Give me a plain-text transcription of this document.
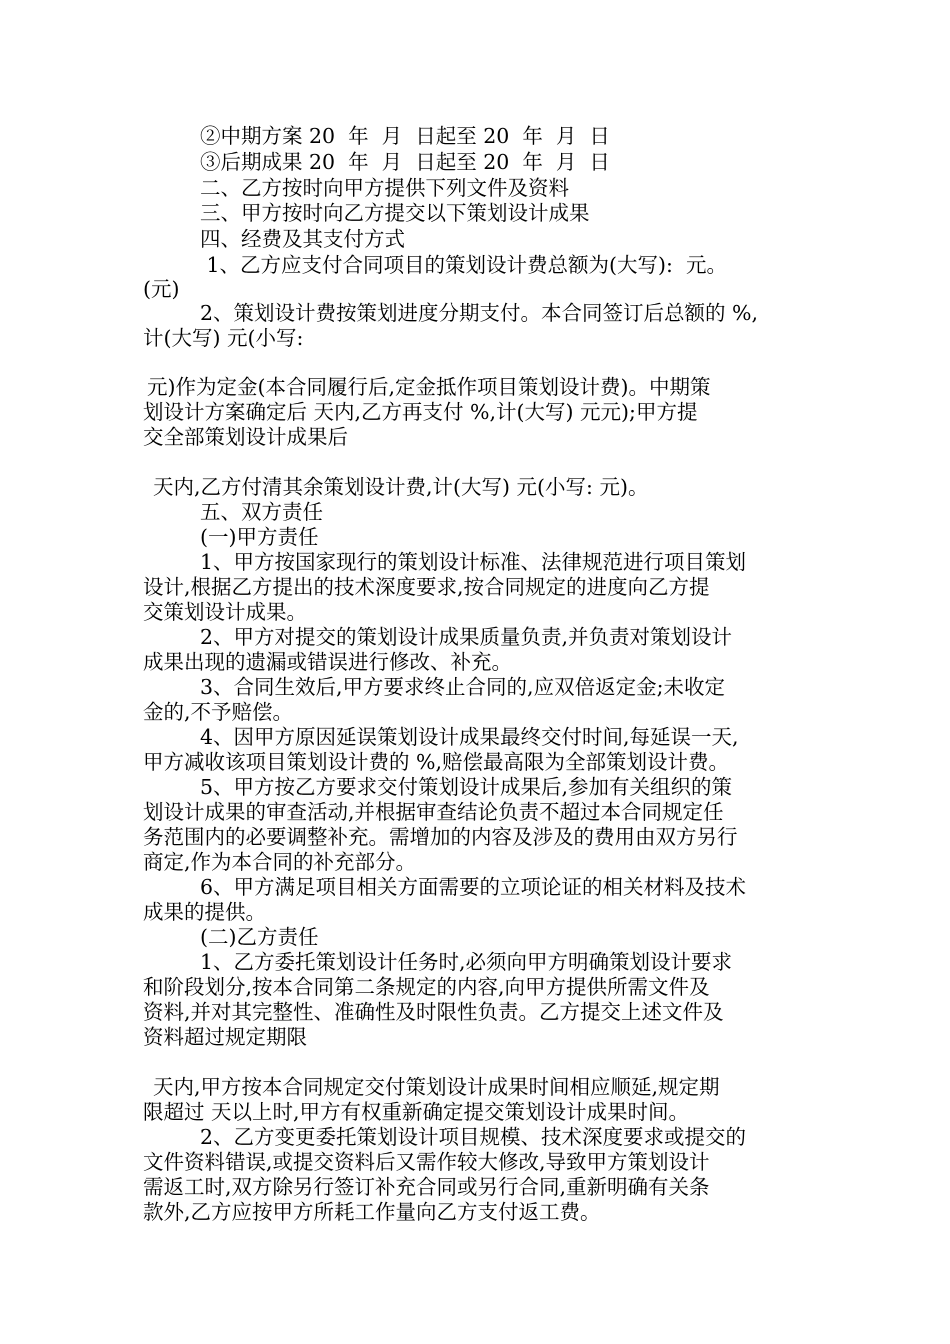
②中期方案 20  年  月  日起至 20  年  月  日
③后期成果 20  年  月  日起至 20  年  月  日
二、乙方按时向甲方提供下列文件及资料
三、甲方按时向乙方提交以下策划设计成果
四、经费及其支付方式
1、乙方应支付合同项目的策划设计费总额为(大写):  元。
(元)
2、策划设计费按策划进度分期支付。本合同签订后总额的 %,
计(大写) 元(小写:
元)作为定金(本合同履行后,定金抵作项目策划设计费)。中期策
划设计方案确定后 天内,乙方再支付 %,计(大写) 元元);甲方提
交全部策划设计成果后
天内,乙方付清其余策划设计费,计(大写) 元(小写: 元)。
五、双方责任
(一)甲方责任
1、甲方按国家现行的策划设计标准、法律规范进行项目策划
设计,根据乙方提出的技术深度要求,按合同规定的进度向乙方提
交策划设计成果。
2、甲方对提交的策划设计成果质量负责,并负责对策划设计
成果出现的遗漏或错误进行修改、补充。
3、合同生效后,甲方要求终止合同的,应双倍返定金;未收定
金的,不予赔偿。
4、因甲方原因延误策划设计成果最终交付时间,每延误一天,
甲方减收该项目策划设计费的 %,赔偿最高限为全部策划设计费。
5、甲方按乙方要求交付策划设计成果后,参加有关组织的策
划设计成果的审查活动,并根据审查结论负责不超过本合同规定任
务范围内的必要调整补充。需增加的内容及涉及的费用由双方另行
商定,作为本合同的补充部分。
6、甲方满足项目相关方面需要的立项论证的相关材料及技术
成果的提供。
(二)乙方责任
1、乙方委托策划设计任务时,必须向甲方明确策划设计要求
和阶段划分,按本合同第二条规定的内容,向甲方提供所需文件及
资料,并对其完整性、准确性及时限性负责。乙方提交上述文件及
资料超过规定期限
天内,甲方按本合同规定交付策划设计成果时间相应顺延,规定期
限超过 天以上时,甲方有权重新确定提交策划设计成果时间。
2、乙方变更委托策划设计项目规模、技术深度要求或提交的
文件资料错误,或提交资料后又需作较大修改,导致甲方策划设计
需返工时,双方除另行签订补充合同或另行合同,重新明确有关条
款外,乙方应按甲方所耗工作量向乙方支付返工费。
